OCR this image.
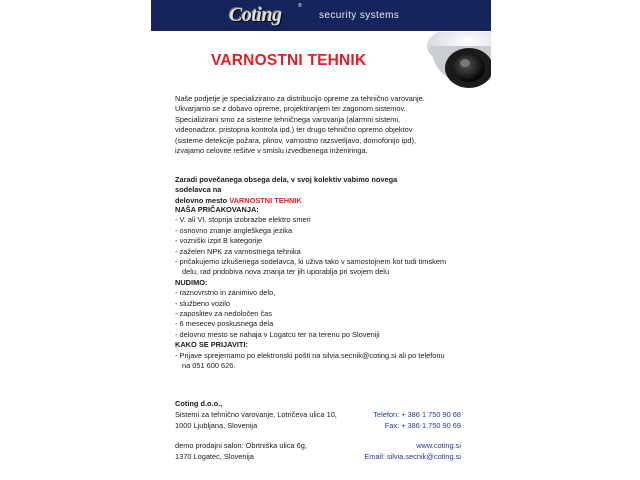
Coting	®
security systems
VARNOSTNI TEHNIK
Naše podjetje je specializirano za distribucijo opreme za tehnično varovanje. Ukvarjamo se z dobavo opreme, projektiranjem ter zagonom sistemov. Specializirani smo za sisteme tehničnega varovanja (alarmni sistemi, videonadzor, pristopna kontrola ipd.) ter drugo tehnično opremo objektov (sisteme detekcije požara, plinov, varnostno razsvetljavo, domofonijo ipd), izvajamo celovite rešitve v smislu izvedbenega inženiringa.
Zaradi povečanega obsega dela, v svoj kolektiv vabimo novega sodelavca na
delovno mesto VARNOSTNI TEHNIK
NAŠA PRIČAKOVANJA:
- V. ali VI. stopnja izobrazbe elektro smeri
- osnovno znanje angleškega jezika
- vozniški izpit B kategorije
- zaželen NPK za varnostnega tehnika
- pričakujemo izkušenega sodelavca, ki uživa tako v samostojnem kot tudi timskem
delu, rad pridobiva nova znanja ter jih uporablja pri svojem delu
NUDIMO:
- raznovrstno in zanimivo delo,
- službeno vozilo
- zaposlitev za nedoločen čas
- 6 mesecev poskusnega dela
- delovno mesto se nahaja v Logatcu ter na terenu po Sloveniji
KAKO SE PRIJAVITI:
- Prijave sprejemamo po elektronski pošti na silvia.secnik@coting.si ali po telefonu
na 051 600 626.
Coting d.o.o.,
Sistemi za tehnično varovanje, Lotričeva ulica 10,
1000 Ljubljana, Slovenija
Telefon: + 386 1 750 90 68
Fax: + 386 1 750 90 69
demo prodajni salon: Obrtniška ulica 6g,
1370 Logatec, Slovenija
www.coting.si
Email: silvia.secnik@coting.si
